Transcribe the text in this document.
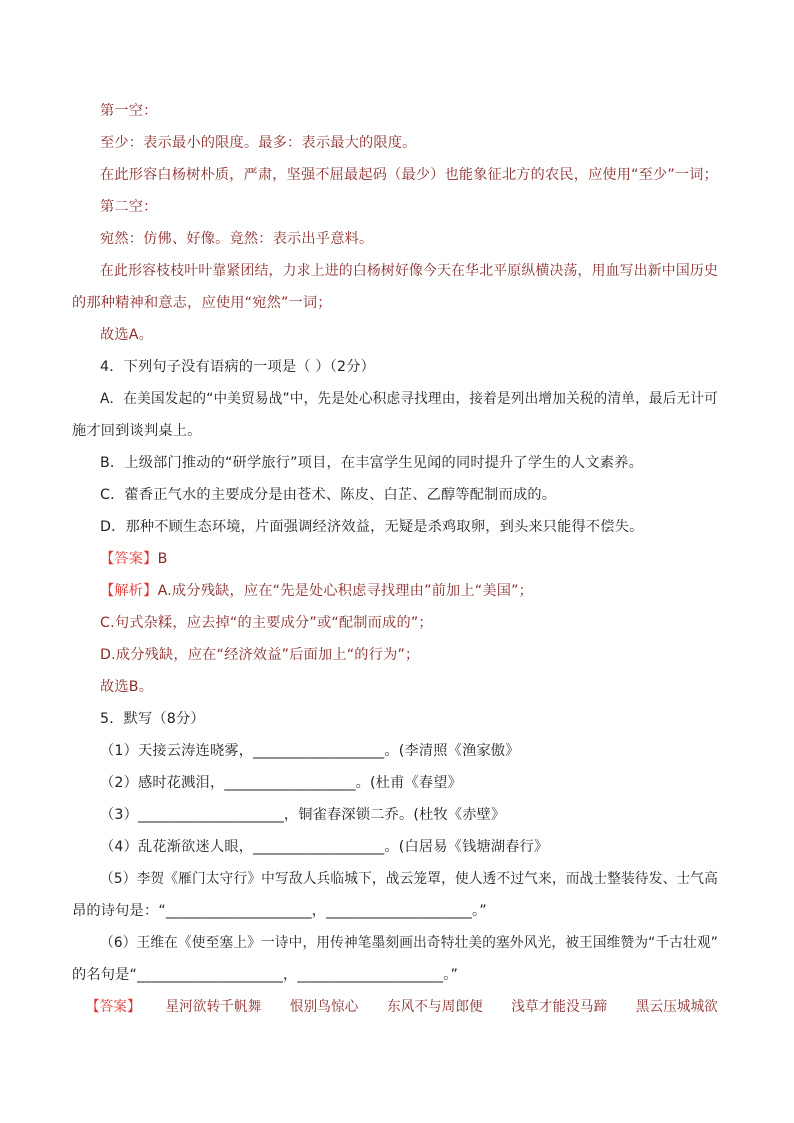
第一空：
至少：表示最小的限度。最多：表示最大的限度。
在此形容白杨树朴质，严肃，坚强不屈最起码（最少）也能象征北方的农民，应使用“至少”一词；
第二空：
宛然：仿佛、好像。竟然：表示出乎意料。
在此形容枝枝叶叶靠紧团结，力求上进的白杨树好像今天在华北平原纵横决荡，用血写出新中国历史
的那种精神和意志，应使用“宛然”一词；
故选A。
4．下列句子没有语病的一项是（ ）（2分）
A．在美国发起的“中美贸易战”中，先是处心积虑寻找理由，接着是列出增加关税的清单，最后无计可
施才回到谈判桌上。
B．上级部门推动的“研学旅行”项目，在丰富学生见闻的同时提升了学生的人文素养。
C．藿香正气水的主要成分是由苍术、陈皮、白芷、乙醇等配制而成的。
D．那种不顾生态环境，片面强调经济效益，无疑是杀鸡取卵，到头来只能得不偿失。
【答案】B
【解析】A.成分残缺，应在“先是处心积虑寻找理由”前加上“美国”；
C.句式杂糅，应去掉“的主要成分”或“配制而成的”；
D.成分残缺，应在“经济效益”后面加上“的行为”；
故选B。
5．默写（8分）
（1）天接云涛连晓雾，__________________。(李清照《渔家傲》
（2）感时花溅泪，__________________。(杜甫《春望》
（3）____________________，铜雀春深锁二乔。(杜牧《赤壁》
（4）乱花渐欲迷人眼，__________________。(白居易《钱塘湖春行》
（5）李贺《雁门太守行》中写敌人兵临城下，战云笼罩，使人透不过气来，而战士整装待发、士气高
昂的诗句是：“____________________，____________________。”
（6）王维在《使至塞上》一诗中，用传神笔墨刻画出奇特壮美的塞外风光，被王国维赞为“千古壮观”
的名句是“____________________，____________________。”
【答案】 星河欲转千帆舞 恨别鸟惊心 东风不与周郎便 浅草才能没马蹄 黑云压城城欲
